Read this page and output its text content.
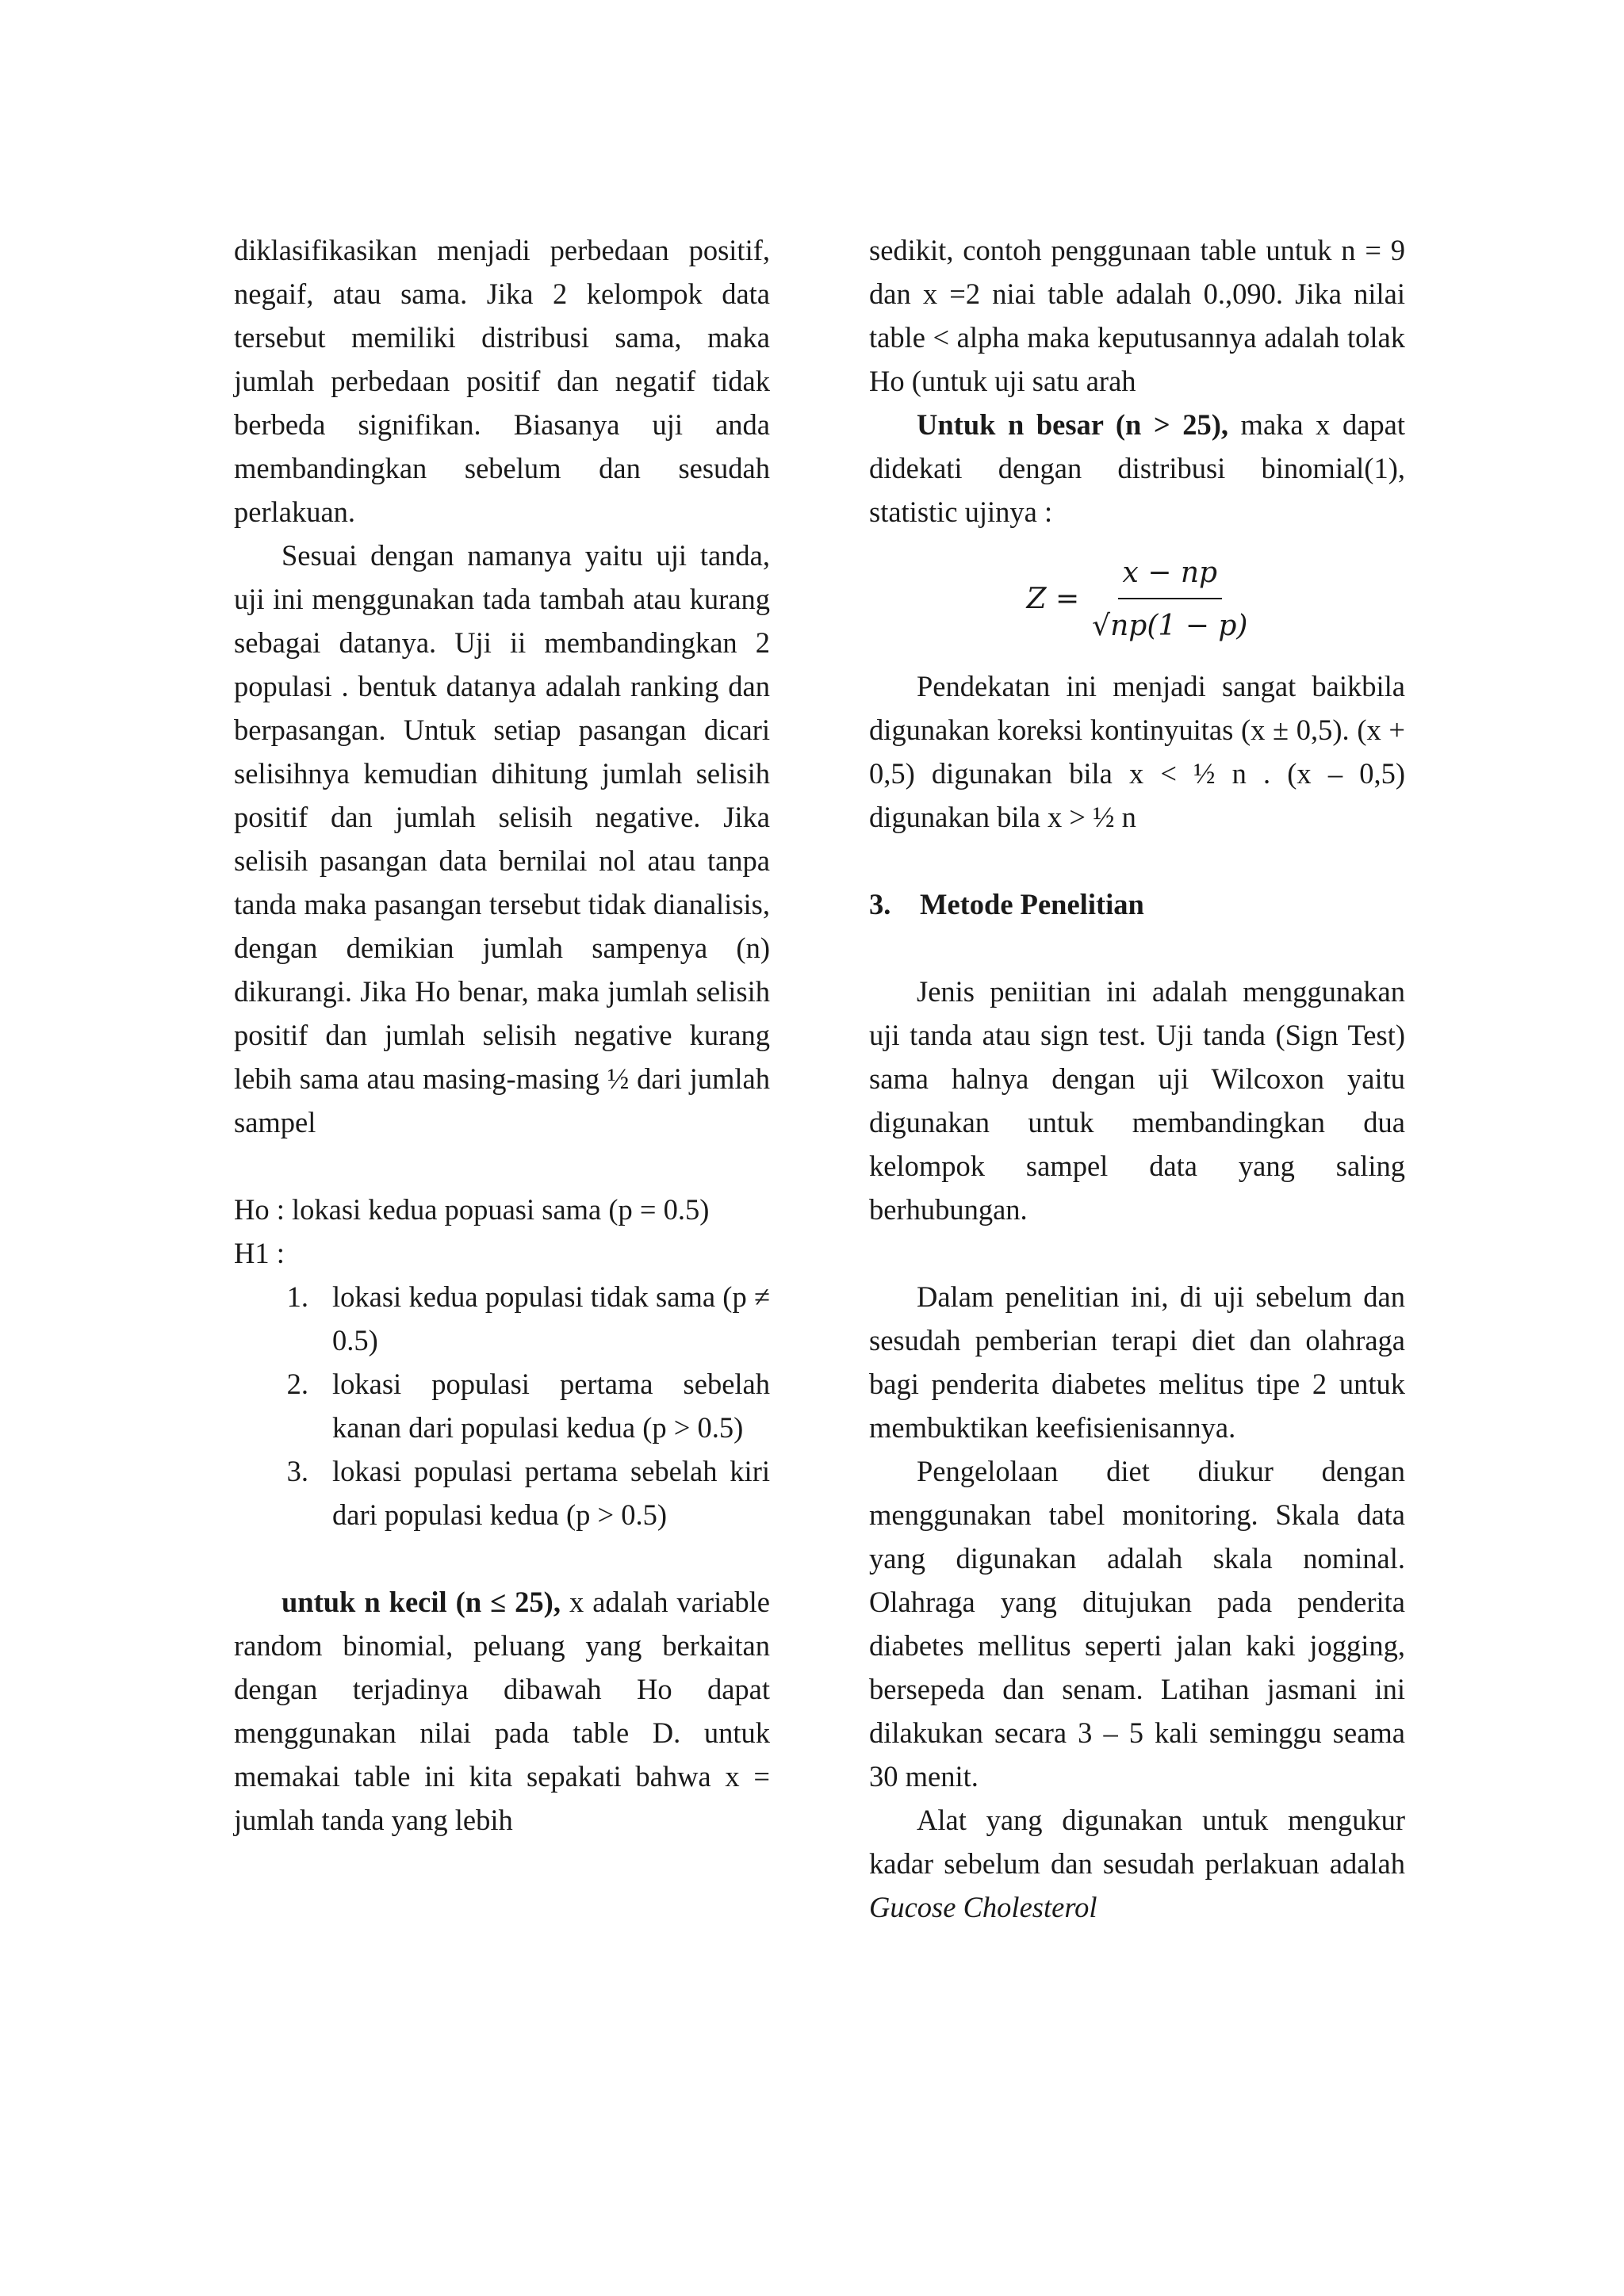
diklasifikasikan menjadi perbedaan positif, negaif, atau sama. Jika 2 kelompok data tersebut memiliki distribusi sama, maka jumlah perbedaan positif dan negatif tidak berbeda signifikan. Biasanya uji anda membandingkan sebelum dan sesudah perlakuan.

Sesuai dengan namanya yaitu uji tanda, uji ini menggunakan tada tambah atau kurang sebagai datanya. Uji ii membandingkan 2 populasi . bentuk datanya adalah ranking dan berpasangan. Untuk setiap pasangan dicari selisihnya kemudian dihitung jumlah selisih positif dan jumlah selisih negative. Jika selisih pasangan data bernilai nol atau tanpa tanda maka pasangan tersebut tidak dianalisis, dengan demikian jumlah sampenya (n) dikurangi. Jika Ho benar, maka jumlah selisih positif dan jumlah selisih negative kurang lebih sama atau masing-masing ½ dari jumlah sampel

Ho : lokasi kedua popuasi sama (p = 0.5)

H1 :

1. lokasi kedua populasi tidak sama (p ≠ 0.5)
2. lokasi populasi pertama sebelah kanan dari populasi kedua (p > 0.5)
3. lokasi populasi pertama sebelah kiri dari populasi kedua (p > 0.5)

untuk n kecil (n ≤ 25), x adalah variable random binomial, peluang yang berkaitan dengan terjadinya dibawah Ho dapat menggunakan nilai pada table D. untuk memakai table ini kita sepakati bahwa x = jumlah tanda yang lebih

sedikit, contoh penggunaan table untuk n = 9 dan x =2 niai table adalah 0.,090. Jika nilai table < alpha maka keputusannya adalah tolak Ho (untuk uji satu arah

Untuk n besar (n > 25), maka x dapat didekati dengan distribusi binomial(1), statistic ujinya :

$Z = \frac{x - np}{√np(1 - p)}$

Pendekatan ini menjadi sangat baikbila digunakan koreksi kontinyuitas (x ± 0,5). (x + 0,5) digunakan bila x < ½ n . (x – 0,5) digunakan bila x > ½ n

3. Metode Penelitian

Jenis peniitian ini adalah menggunakan uji tanda atau sign test. Uji tanda (Sign Test) sama halnya dengan uji Wilcoxon yaitu digunakan untuk membandingkan dua kelompok sampel data yang saling berhubungan.

Dalam penelitian ini, di uji sebelum dan sesudah pemberian terapi diet dan olahraga bagi penderita diabetes melitus tipe 2 untuk membuktikan keefisienisannya.

Pengelolaan diet diukur dengan menggunakan tabel monitoring. Skala data yang digunakan adalah skala nominal. Olahraga yang ditujukan pada penderita diabetes mellitus seperti jalan kaki jogging, bersepeda dan senam. Latihan jasmani ini dilakukan secara 3 – 5 kali seminggu seama 30 menit.

Alat yang digunakan untuk mengukur kadar sebelum dan sesudah perlakuan adalah Gucose Cholesterol
